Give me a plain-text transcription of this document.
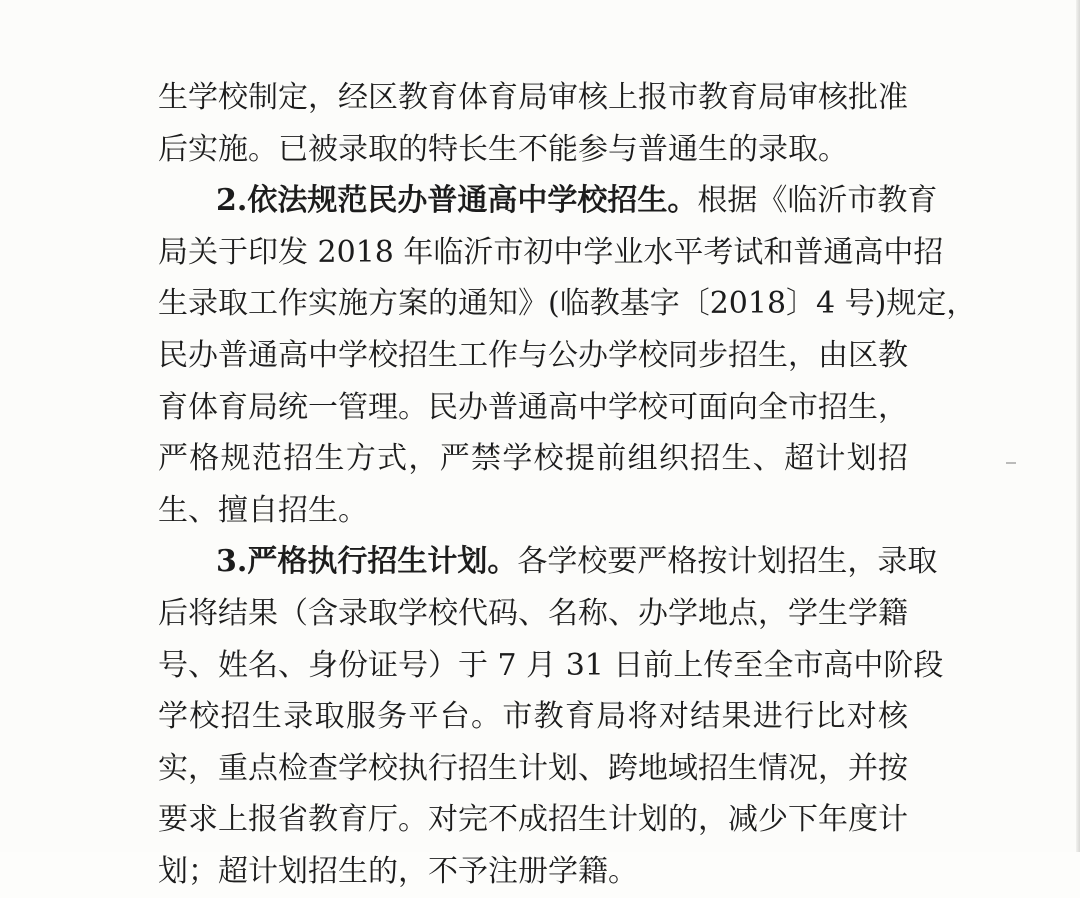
生学校制定，经区教育体育局审核上报市教育局审核批准
后实施。已被录取的特长生不能参与普通生的录取。
2.依法规范民办普通高中学校招生。根据《临沂市教育
局关于印发 2018 年临沂市初中学业水平考试和普通高中招
生录取工作实施方案的通知》(临教基字〔2018〕4 号)规定，
民办普通高中学校招生工作与公办学校同步招生，由区教
育体育局统一管理。民办普通高中学校可面向全市招生，
严格规范招生方式，严禁学校提前组织招生、超计划招
生、擅自招生。
3.严格执行招生计划。各学校要严格按计划招生，录取
后将结果（含录取学校代码、名称、办学地点，学生学籍
号、姓名、身份证号）于 7 月 31 日前上传至全市高中阶段
学校招生录取服务平台。市教育局将对结果进行比对核
实，重点检查学校执行招生计划、跨地域招生情况，并按
要求上报省教育厅。对完不成招生计划的，减少下年度计
划；超计划招生的，不予注册学籍。
